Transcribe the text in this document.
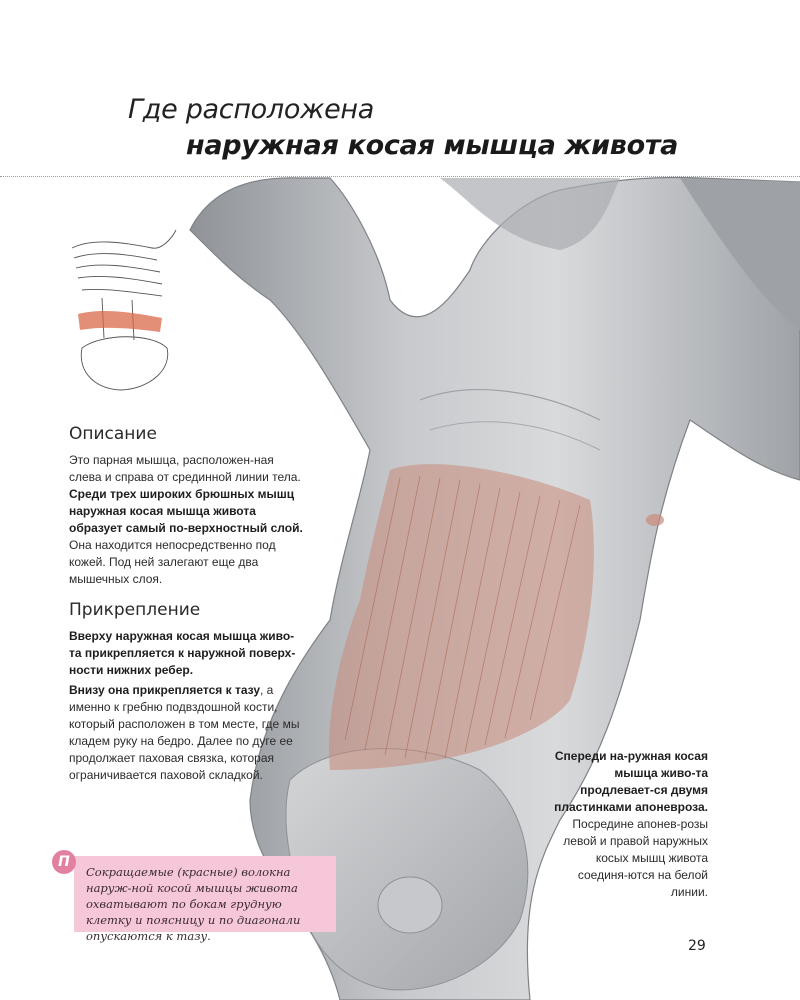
Где расположена
наружная косая мышца живота
Описание
Это парная мышца, расположен-ная слева и справа от срединной линии тела. Среди трех широких брюшных мышц наружная косая мышца живота образует самый по-верхностный слой. Она находится непосредственно под кожей. Под ней залегают еще два мышечных слоя.
Прикрепление
Вверху наружная косая мышца живо-та прикрепляется к наружной поверх-ности нижних ребер.
Внизу она прикрепляется к тазу, а именно к гребню подвздошной кости, который расположен в том месте, где мы кладем руку на бедро. Далее по дуге ее продолжает паховая связка, которая ограничивается паховой складкой.
Спереди на-ружная косая мышца живо-та продлевает-ся двумя пластинками апоневроза. Посредине апонев-розы левой и правой наружных косых мышц живота соединя-ются на белой линии.
П
Сокращаемые (красные) волокна наруж-ной косой мышцы живота охватывают по бокам грудную клетку и поясницу и по диагонали опускаются к тазу.
29
